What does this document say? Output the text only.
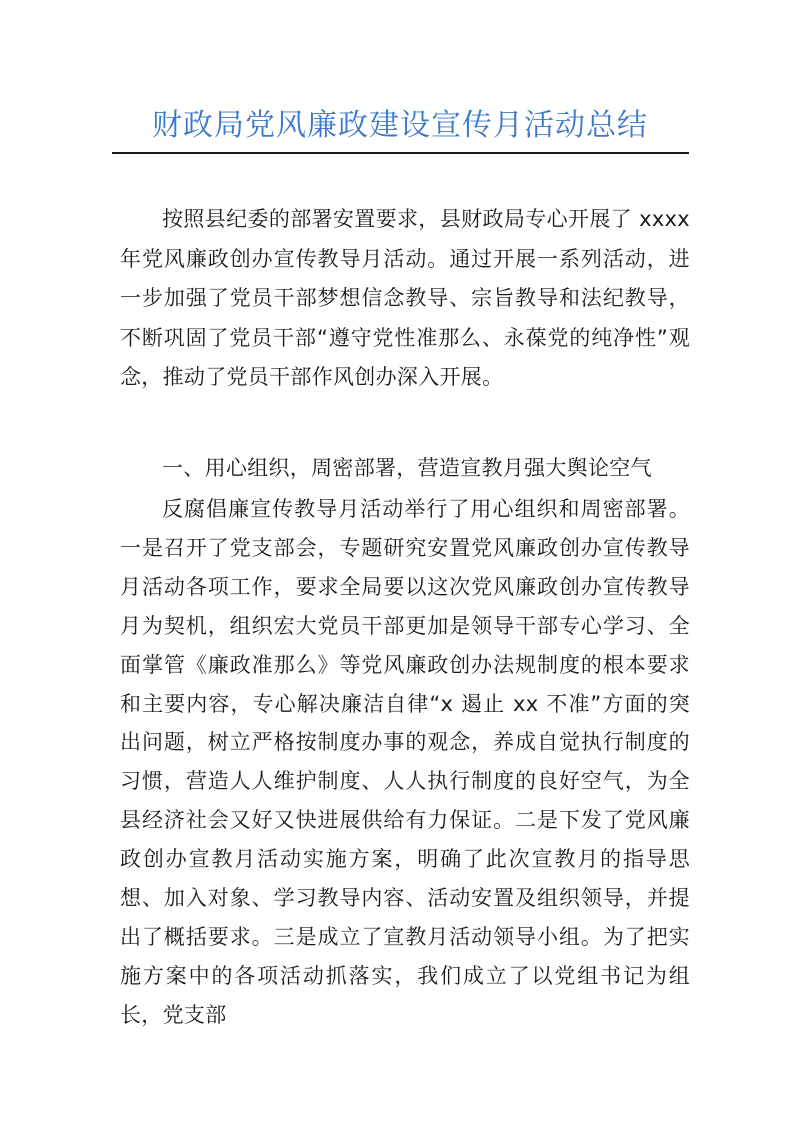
财政局党风廉政建设宣传月活动总结

按照县纪委的部署安置要求，县财政局专心开展了 xxxx 年党风廉政创办宣传教导月活动。通过开展一系列活动，进一步加强了党员干部梦想信念教导、宗旨教导和法纪教导，不断巩固了党员干部“遵守党性准那么、永葆党的纯净性”观念，推动了党员干部作风创办深入开展。

一、用心组织，周密部署，营造宣教月强大舆论空气

反腐倡廉宣传教导月活动举行了用心组织和周密部署。一是召开了党支部会，专题研究安置党风廉政创办宣传教导月活动各项工作，要求全局要以这次党风廉政创办宣传教导月为契机，组织宏大党员干部更加是领导干部专心学习、全面掌管《廉政准那么》等党风廉政创办法规制度的根本要求和主要内容，专心解决廉洁自律“x 遏止 xx 不准”方面的突出问题，树立严格按制度办事的观念，养成自觉执行制度的习惯，营造人人维护制度、人人执行制度的良好空气，为全县经济社会又好又快进展供给有力保证。二是下发了党风廉政创办宣教月活动实施方案，明确了此次宣教月的指导思想、加入对象、学习教导内容、活动安置及组织领导，并提出了概括要求。三是成立了宣教月活动领导小组。为了把实施方案中的各项活动抓落实，我们成立了以党组书记为组长，党支部
